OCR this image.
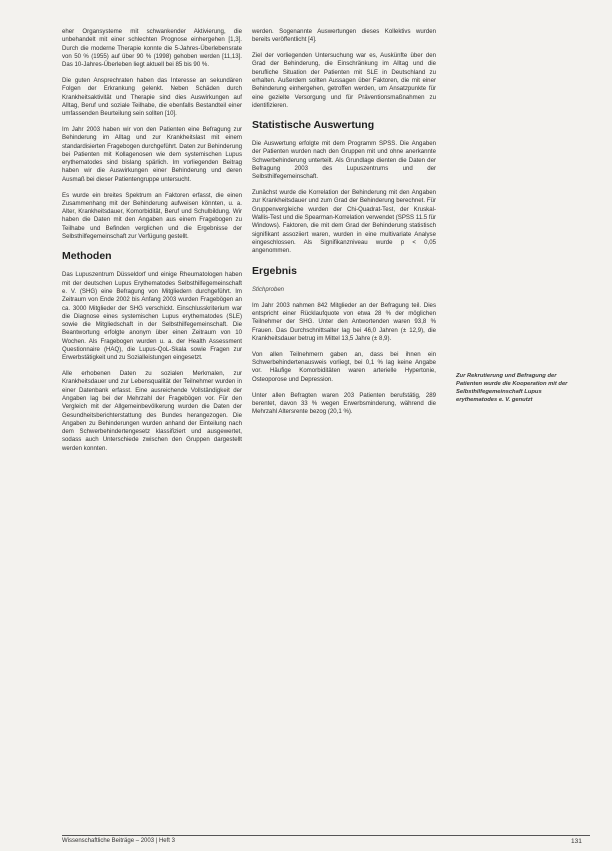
eher Organsysteme mit schwankender Aktivierung, die unbehandelt mit einer schlechten Prognose einhergehen [1,3]. Durch die moderne Therapie konnte die 5-Jahres-Überlebensrate von 50 % (1955) auf über 90 % (1998) gehoben werden [11,13]. Das 10-Jahres-Überleben liegt aktuell bei 85 bis 90 %.

Die guten Ansprechraten haben das Interesse an sekundären Folgen der Erkrankung gelenkt. Neben Schäden durch Krankheitsaktivität und Therapie sind dies Auswirkungen auf Alltag, Beruf und soziale Teilhabe, die ebenfalls Bestandteil einer umfassenden Beurteilung sein sollten [10].

Im Jahr 2003 haben wir von den Patienten eine Befragung zur Behinderung im Alltag und zur Krankheitslast mit einem standardisierten Fragebogen durchgeführt. Daten zur Behinderung bei Patienten mit Kollagenosen wie dem systemischen Lupus erythematodes sind bislang spärlich. Im vorliegenden Beitrag haben wir die Auswirkungen einer Behinderung und deren Ausmaß bei dieser Patientengruppe untersucht.

Es wurde ein breites Spektrum an Faktoren erfasst, die einen Zusammenhang mit der Behinderung aufweisen könnten, u. a. Alter, Krankheitsdauer, Komorbidität, Beruf und Schulbildung. Wir haben die Daten mit den Angaben aus einem Fragebogen zu Teilhabe und Befinden verglichen und die Ergebnisse der Selbsthilfegemeinschaft zur Verfügung gestellt.

Methoden

Das Lupuszentrum Düsseldorf und einige Rheumatologen haben mit der deutschen Lupus Erythematodes Selbsthilfegemeinschaft e. V. (SHG) eine Befragung von Mitgliedern durchgeführt. Im Zeitraum von Ende 2002 bis Anfang 2003 wurden Fragebögen an ca. 3000 Mitglieder der SHG verschickt. Einschlusskriterium war die Diagnose eines systemischen Lupus erythematodes (SLE) sowie die Mitgliedschaft in der Selbsthilfegemeinschaft. Die Beantwortung erfolgte anonym über einen Zeitraum von 10 Wochen. Als Fragebogen wurden u. a. der Health Assessment Questionnaire (HAQ), die Lupus-QoL-Skala sowie Fragen zur Erwerbstätigkeit und zu Sozialleistungen eingesetzt.

Alle erhobenen Daten zu sozialen Merkmalen, zur Krankheitsdauer und zur Lebensqualität der Teilnehmer wurden in einer Datenbank erfasst. Eine ausreichende Vollständigkeit der Angaben lag bei der Mehrzahl der Fragebögen vor. Für den Vergleich mit der Allgemeinbevölkerung wurden die Daten der Gesundheitsberichterstattung des Bundes herangezogen. Die Angaben zu Behinderungen wurden anhand der Einteilung nach dem Schwerbehindertengesetz klassifiziert und ausgewertet, sodass auch Unterschiede zwischen den Gruppen dargestellt werden konnten.

werden. Sogenannte Auswertungen dieses Kollektivs wurden bereits veröffentlicht [4].

Ziel der vorliegenden Untersuchung war es, Auskünfte über den Grad der Behinderung, die Einschränkung im Alltag und die berufliche Situation der Patienten mit SLE in Deutschland zu erhalten. Außerdem sollten Aussagen über Faktoren, die mit einer Behinderung einhergehen, getroffen werden, um Ansatzpunkte für eine gezielte Versorgung und für Präventionsmaßnahmen zu identifizieren.

Statistische Auswertung

Die Auswertung erfolgte mit dem Programm SPSS. Die Angaben der Patienten wurden nach den Gruppen mit und ohne anerkannte Schwerbehinderung unterteilt. Als Grundlage dienten die Daten der Befragung 2003 des Lupuszentrums und der Selbsthilfegemeinschaft.

Zunächst wurde die Korrelation der Behinderung mit den Angaben zur Krankheitsdauer und zum Grad der Behinderung berechnet. Für Gruppenvergleiche wurden der Chi-Quadrat-Test, der Kruskal-Wallis-Test und die Spearman-Korrelation verwendet (SPSS 11.5 für Windows). Faktoren, die mit dem Grad der Behinderung statistisch signifikant assoziiert waren, wurden in eine multivariate Analyse eingeschlossen. Als Signifikanzniveau wurde p < 0,05 angenommen.

Ergebnis
Stichproben

Im Jahr 2003 nahmen 842 Mitglieder an der Befragung teil. Dies entspricht einer Rücklaufquote von etwa 28 % der möglichen Teilnehmer der SHG. Unter den Antwortenden waren 93,8 % Frauen. Das Durchschnittsalter lag bei 46,0 Jahren (± 12,9), die Krankheitsdauer betrug im Mittel 13,5 Jahre (± 8,9).

Von allen Teilnehmern gaben an, dass bei ihnen ein Schwerbehindertenausweis vorliegt, bei 0,1 % lag keine Angabe vor. Häufige Komorbiditäten waren arterielle Hypertonie, Osteoporose und Depression.

Unter allen Befragten waren 203 Patienten berufstätig, 289 berentet, davon 33 % wegen Erwerbsminderung, während die Mehrzahl Altersrente bezog (20,1 %).

Zur Rekrutierung und Befragung der Patienten wurde die Kooperation mit der Selbsthilfegemeinschaft Lupus erythematodes e. V. genutzt
Wissenschaftliche Beiträge – 2003 | Heft 3	131
